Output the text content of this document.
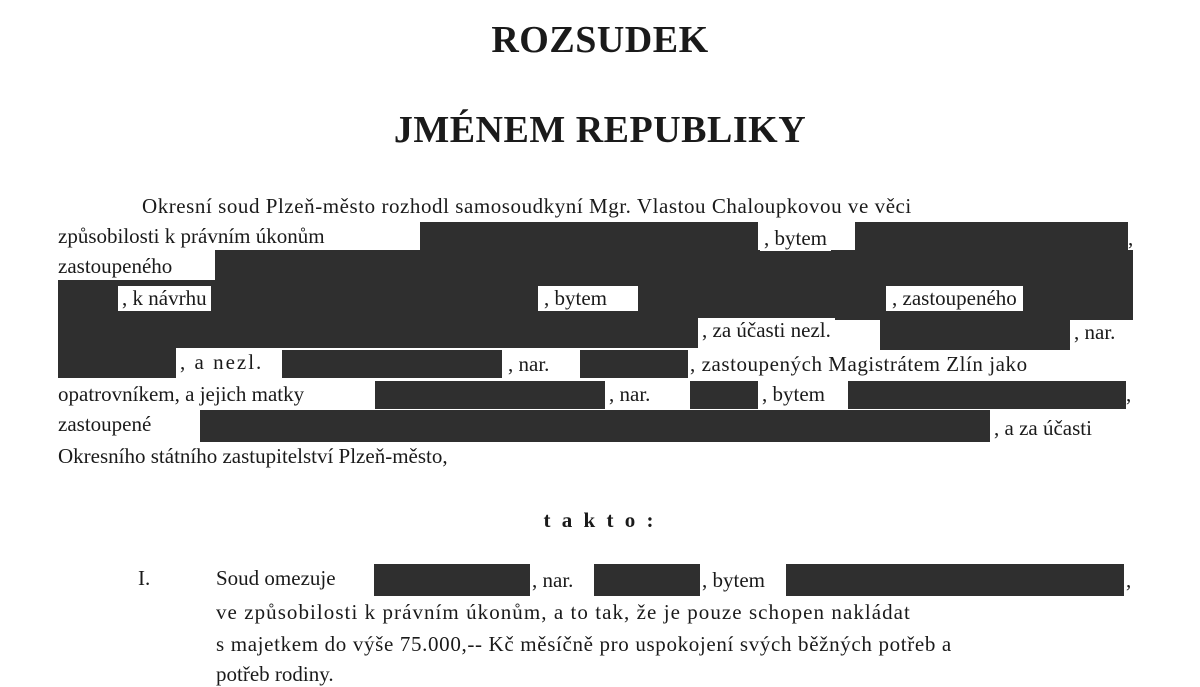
ROZSUDEK
JMÉNEM REPUBLIKY
Okresní soud Plzeň-město rozhodl samosoudkyní Mgr. Vlastou Chaloupkovou ve věci
způsobilosti k právním úkonům	, bytem	,
zastoupeného
, k návrhu	, bytem	, zastoupeného
, za účasti nezl.	, nar.
, a nezl.	, nar.	, zastoupených Magistrátem Zlín jako
opatrovníkem, a jejich matky	, nar.	, bytem	,
zastoupené	, a za účasti
Okresního státního zastupitelství Plzeň-město,
t a k t o :
I.	Soud omezuje	, nar.	, bytem	,
ve způsobilosti k právním úkonům, a to tak, že je pouze schopen nakládat
s majetkem do výše 75.000,-- Kč měsíčně pro uspokojení svých běžných potřeb a
potřeb rodiny.
